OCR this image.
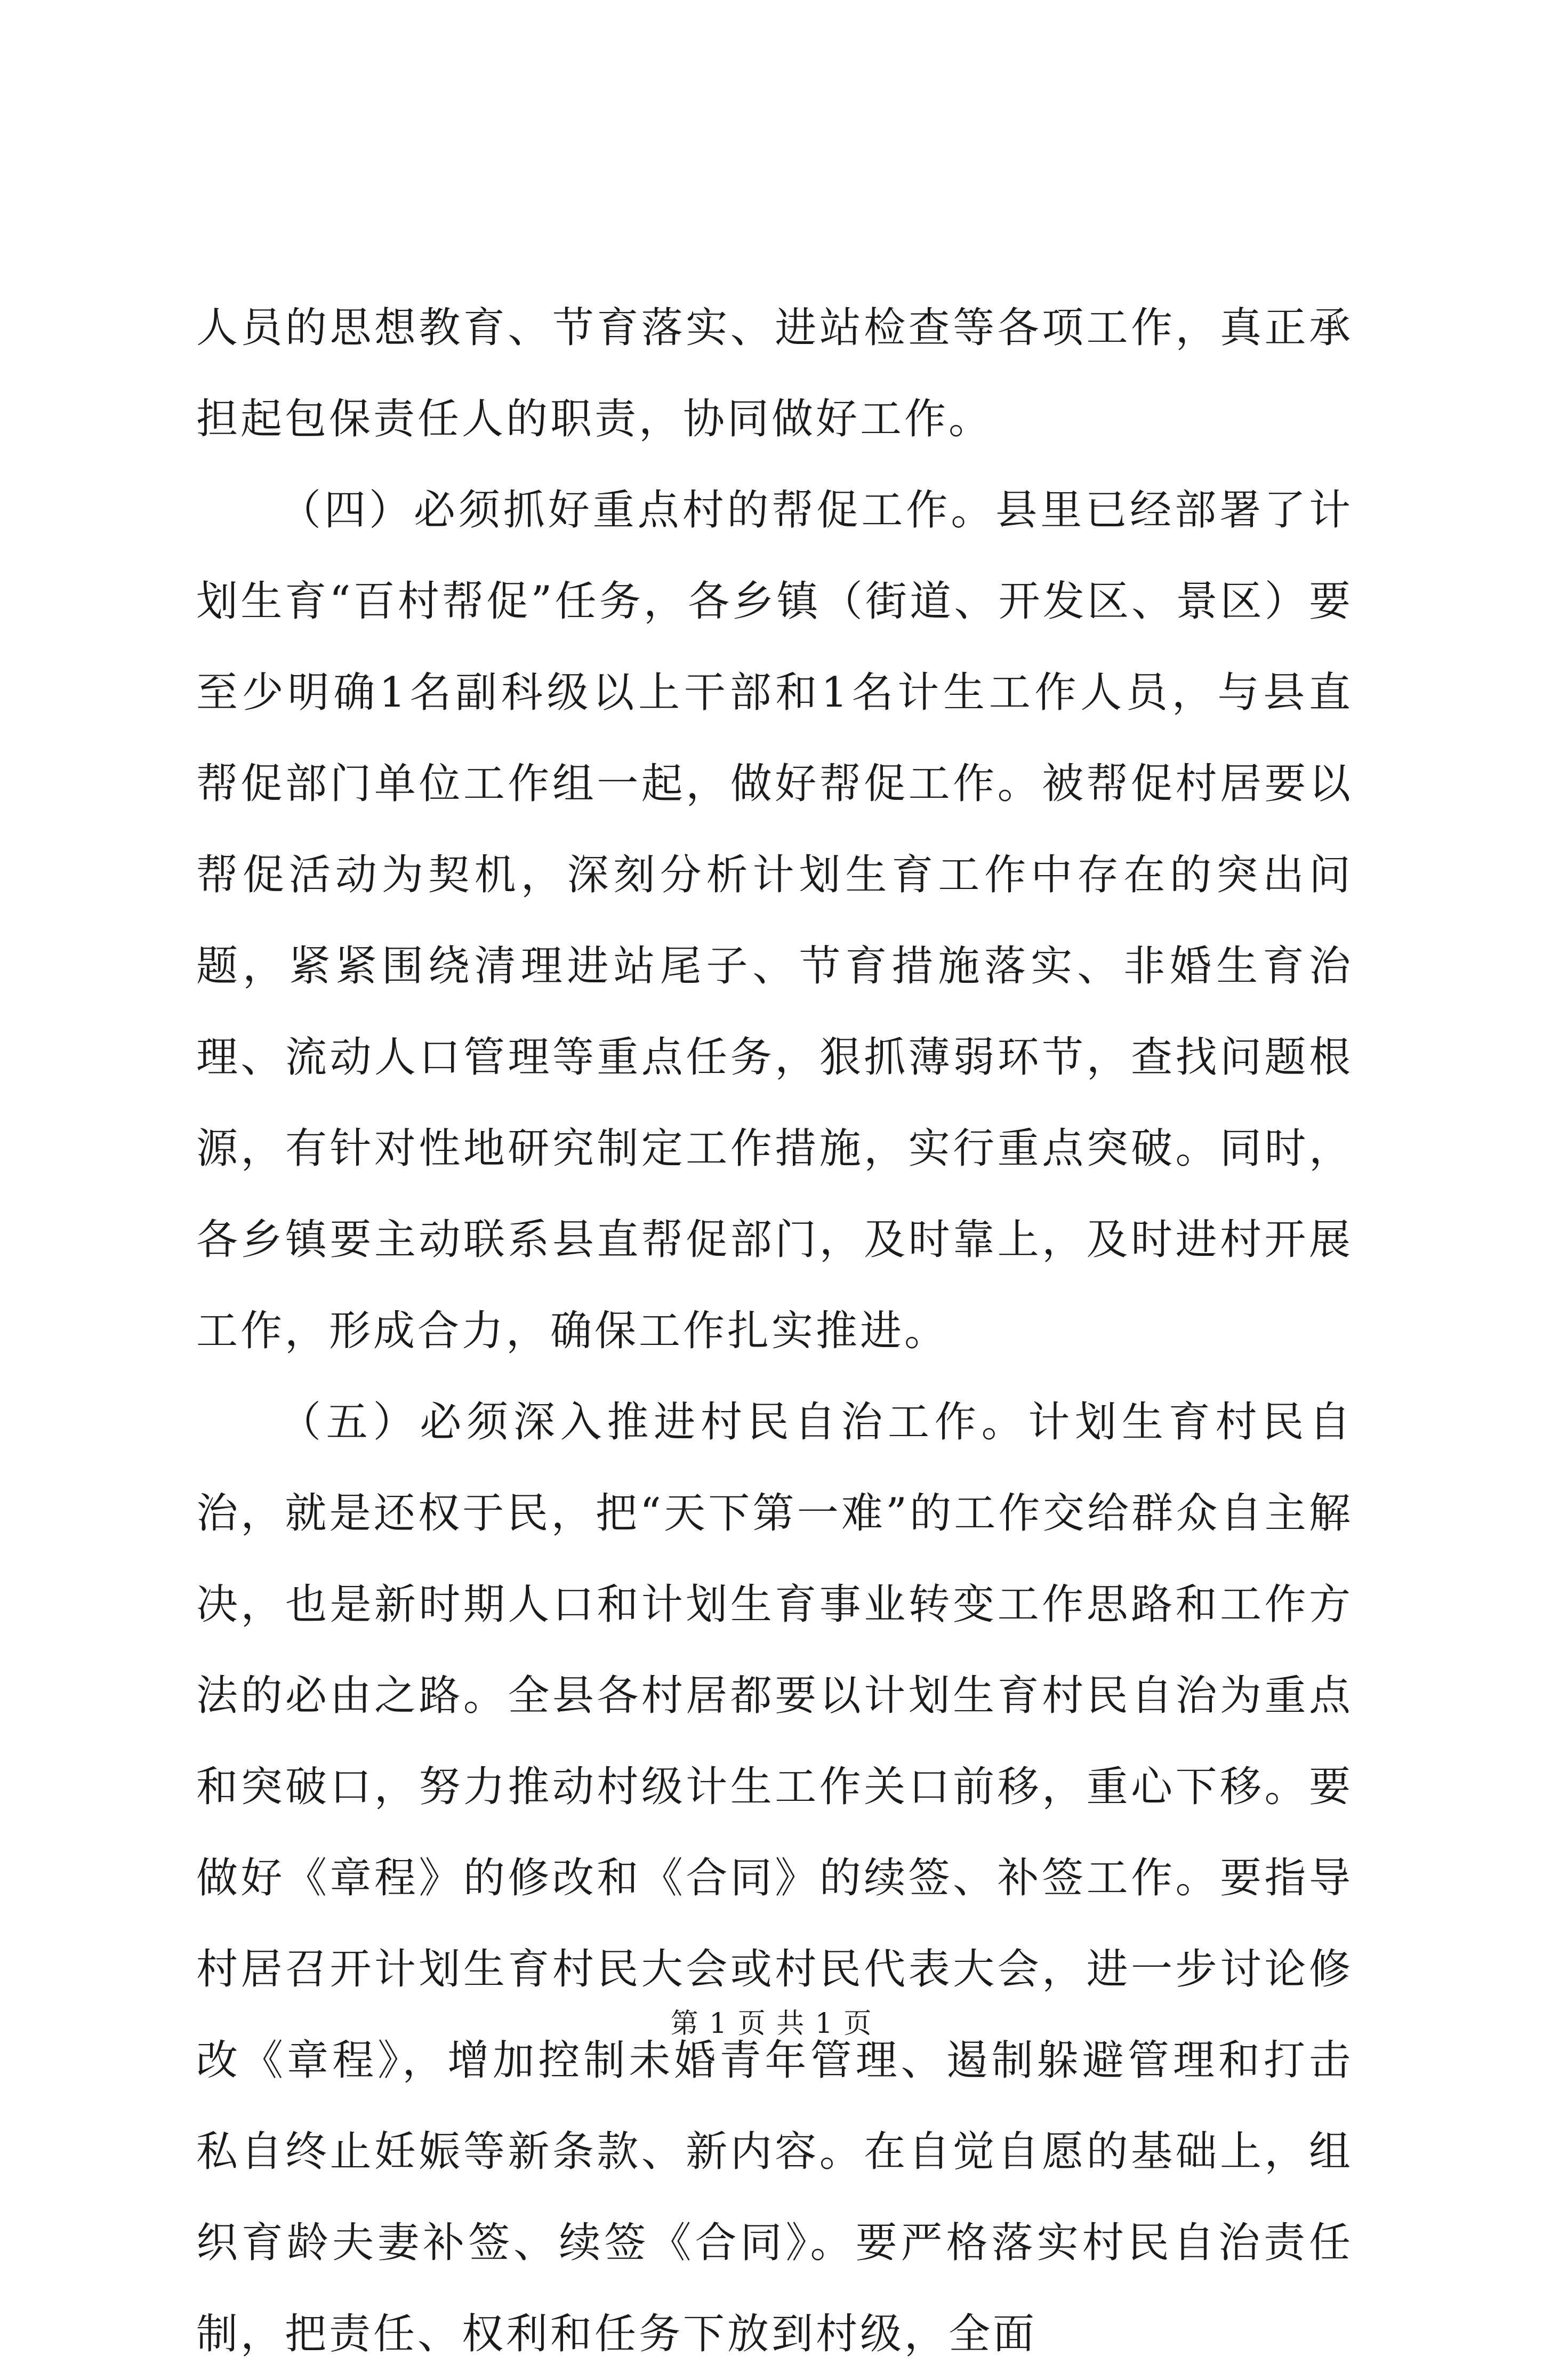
人员的思想教育、节育落实、进站检查等各项工作，真正承担起包保责任人的职责，协同做好工作。

（四）必须抓好重点村的帮促工作。县里已经部署了计划生育“百村帮促”任务，各乡镇（街道、开发区、景区）要至少明确1名副科级以上干部和1名计生工作人员，与县直帮促部门单位工作组一起，做好帮促工作。被帮促村居要以帮促活动为契机，深刻分析计划生育工作中存在的突出问题，紧紧围绕清理进站尾子、节育措施落实、非婚生育治理、流动人口管理等重点任务，狠抓薄弱环节，查找问题根源，有针对性地研究制定工作措施，实行重点突破。同时，各乡镇要主动联系县直帮促部门，及时靠上，及时进村开展工作，形成合力，确保工作扎实推进。

（五）必须深入推进村民自治工作。计划生育村民自治，就是还权于民，把“天下第一难”的工作交给群众自主解决，也是新时期人口和计划生育事业转变工作思路和工作方法的必由之路。全县各村居都要以计划生育村民自治为重点和突破口，努力推动村级计生工作关口前移，重心下移。要做好《章程》的修改和《合同》的续签、补签工作。要指导村居召开计划生育村民大会或村民代表大会，进一步讨论修改《章程》，增加控制未婚青年管理、遏制躲避管理和打击私自终止妊娠等新条款、新内容。在自觉自愿的基础上，组织育龄夫妻补签、续签《合同》。要严格落实村民自治责任制，把责任、权利和任务下放到村级，全面

第 1 页 共 1 页
